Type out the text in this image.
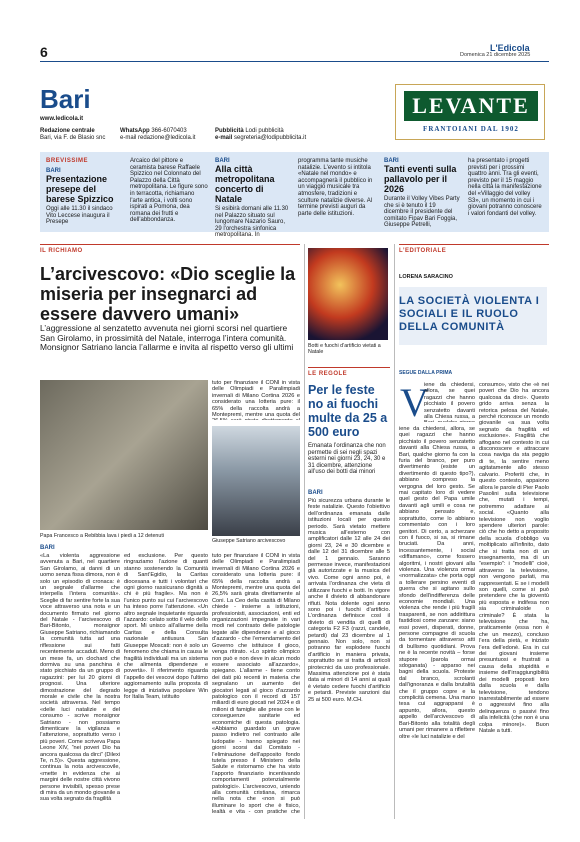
6	L'Edicola
Domenica 21 dicembre 2025
Bari
www.ledicola.it
Redazione centrale
Bari, via F. de Blasio snc
WhatsApp 366-6070403
e-mail redazione@ledicola.it
Pubblicità Lodi pubblicità
e-mail segreteria@lodipubblicita.it
LEVANTE
FRANTOIANI DAL 1902
BREVISSIME
BARI
Presentazione presepe del barese Spizzico
Oggi alle 11.30 il sindaco Vito Leccese inaugura il Presepe
Arcaico del pittore e ceramista barese Raffaele Spizzico nel Colonnato del Palazzo della Città metropolitana. Le figure sono in terracotta, richiamano l'arte antica, i volti sono ispirati a Pomona, dea romana dei frutti e dell'abbondanza.
BARI
Alla città metropolitana concerto di Natale
Si esibirà domani alle 11.30 nel Palazzo situato sul lungomare Nazario Sauro, 29 l'orchestra sinfonica metropolitana. In
programma tante musiche natalizie. L'evento si intitola «Natale nel mondo» e accompagnerà il pubblico in un viaggio musicale tra atmosfere, tradizioni e sculture natalizie diverse. Al termine previsti auguri da parte delle istituzioni.
BARI
Tanti eventi sulla pallavolo per il 2026
Durante il Volley Vibes Party che si è tenuto il 19 dicembre il presidente del comitato Fipav Bari Foggia, Giuseppe Petrelli,
ha presentato i progetti previsti per i prossimi quattro anni. Tra gli eventi, previsto per il 15 maggio nella città la manifestazione del «Villaggio del volley S3», un momento in cui i giovani potranno conoscere i valori fondanti del volley.
IL RICHIAMO
L’arcivescovo: «Dio sceglie la miseria per insegnarci ad essere davvero umani»
L’aggressione al senzatetto avvenuta nei giorni scorsi nel quartiere San Girolamo, in prossimità del Natale, interroga l’intera comunità. Monsignor Satriano lancia l’allarme e invita al rispetto verso gli ultimi
Papa Francesco a Rebibbia lava i piedi a 12 detenuti
Giuseppe Satriano arcivescovo
BARI
«La violenta aggressione avvenuta a Bari, nel quartiere San Girolamo, ai danni di un uomo senza fissa dimora, non è solo un episodio di cronaca: è un segnale d’allarme che interpella l’intera comunità». Sceglie di far sentire forte la sua voce attraverso una nota e un documento firmato nel giorno del Natale - l’arcivescovo di Bari-Bitonto, monsignor Giuseppe Satriano, richiamando la comunità tutta ad una riflessione sui fatti recentemente accaduti. Meno di un mese fa, un clochard che dormiva su una panchina è stato picchiato da un gruppo di ragazzini: per lui 20 giorni di prognosi. Una ulteriore dimostrazione del degrado morale e civile che la nostra società attraversa. Nel tempo «delle luci natalizie e del consumo - scrive monsignor Satriano - non possiamo dimenticare la vigilanza e l’attenzione, soprattutto verso i più poveri. Come scriveva Papa Leone XIV, “nei poveri Dio ha ancora qualcosa da dirci” (Dilexi Te, n.5)». Questa aggressione, continua la nota arcivescovile, «mette in evidenza che ai margini delle nostre città vivono persone invisibili, spesso prese di mira da un mondo giovanile a sua volta segnato da fragilità
ed esclusione. Per questo ringraziamo l’azione di quanti stanno sostenendo la Comunità di Sant’Egidio, la Caritas diocesana e tutti i volontari che ogni giorno rassicurano dignità a chi è più fragile». Ma non è l’unico punto sui cui l’arcivescovo ha inteso porre l’attenzione. «Un altro segnale inquietante riguarda l’azzardo: celato sotto il velo dello sport. Mi unisco all’allarme della Caritas e della Consulta nazionale antiusura San Giuseppe Moscati: non è solo un fenomeno che chiama in causa le fragilità individuali ma un sistema che alimenta dipendenze e povertà». Il riferimento riguarda l’appello dei vescovi dopo l’ultimo aggiornamento sulla proposta di legge di iniziativa popolare Win for Italia Team, istituito
tuto per finanziare il CONI in vista delle Olimpiadi e Paralimpiadi invernali di Milano Cortina 2026 e considerato una lotteria pure: il 65% della raccolta andrà a Montepremi, mentre una quota del
tuto per finanziare il CONI in vista delle Olimpiadi e Paralimpiadi invernali di Milano Cortina 2026 e considerato una lotteria pure: il 65% della raccolta andrà a Montepremi, mentre una quota del 26,5% sarà girata direttamente al Coni. La Ceo della casità di Milano chiede - insieme a istituzioni, professionisti, associazioni, enti ed organizzazioni impegnate in vari modi nel contrasto delle patologie legate alle dipendenze e al gioco d’azzardo - che l’emendamento del Governo che istituisce il gioco, venga ritirato. «Lo spirito olimpico non può e non deve in alcun modo essere associato all’azzardo», spiegano. L’allarme - tiene conto dei dati più recenti in materia che segnalano un aumento dei giocatori legati al gioco d’azzardo patologico con il record di 157 miliardi di euro giocati nel 2024 e di milioni di famiglie alle prese con le conseguenze sanitarie ed economiche di questa patologia. «Abbiamo guardato un grave passo indietro nel contrasto alle ludopatie - hanno spiegato nei giorni scorsi dal Comitato - l’eliminazione dell’apposito fondo tutela presso il Ministero della Salute e ristornamo che ha visto l’apporto finanziario incentivando comportamenti potenzialmente patologici». L’arcivescovo, uniendo alla comunità cristiana, rimarca nella nota che «non si può illuminare lo sport che è fisico, lealtà e vita - con pratiche che
Botti e fuochi d’artificio vietati a Natale
LE REGOLE
Per le feste no ai fuochi multe da 25 a 500 euro
Emanata l’ordinanza che non permette di sei negli spazi esterni nei giorni 23, 24, 30 e 31 dicembre, attenzione all’uso dei botti dai minori
BARI
Più sicurezza urbana durante le feste natalizie. Questo l’obiettivo dell’ordinanza emanata dalle istituzioni locali per questo periodo. Sarà vietato mettere musica all’esterno con amplificatori dalle 12 alle 24 dei giorni 23, 24 e 30 dicembre e dalle 12 del 31 dicembre alle 5 del 1 gennaio. Saranno permesse invece, manifestazioni già autorizzate e la musica del vivo. Come ogni anno poi, è arrivata l’ordinanza che vieta di utilizzare fuochi e botti. In vigore anche il divieto di abbandonare rifiuti. Nota dolente ogni anno sono poi i fuochi d’artificio. L’ordinanza definisce così il divieto di vendita di quelli di categoria F2 F3 (razzi, candele, petardi) dal 23 dicembre al 1 gennaio. Non solo, non si potranno far esplodere fuochi d’artificio in maniera privata, soprattutto se si tratta di articoli pirotecnici da uso professionale. Massima attenzione poi è stata data ai minori di 14 anni ai quali è vietato cedere fuochi d’artificio e petardi. Previste sanzioni dai 25 ai 500 euro. M.CH.
L’EDITORIALE
LORENA SARACINO
LA SOCIETÀ VIOLENTA I SOCIALI E IL RUOLO DELLA COMUNITÀ
SEGUE DALLA PRIMA
V
iene da chiedersi, allora, se quei ragazzi che hanno picchiato il povero senzatetto davanti alla Chiesa russa, a
iene da chiedersi, allora, se quei ragazzi che hanno picchiato il povero senzatetto davanti alla Chiesa russa, a Bari, qualche giorno fa con la furia del branco, per puro divertimento (esiste un divertimento di questo tipo?), abbiano compreso la vergogna del loro gesto. Se mai capitato loro di vedere quel gesto del Papa umile davanti agli umili e cosa ne abbiano pensato e, soprattutto, come lo abbiano commentato con i loro genitori. Di certo, a scherzare con il fuoco, si sa, si rimane bruciati. Da anni, incessantemente, i social «diffamano», come fossero algoritmi, i nostri giovani alla violenza. Una violenza ormai «normalizzata» che porta oggi a tollerare persino eventi di guerra che si agitano sullo sfondo dell’indifferenza delle economie mondiali. Una violenza che rende i più fragili trasparenti, se non addirittura fastidiosi come zanzare: siano essi poveri, disperati, donne, persone compagne di scuola da tormentare attraverso atti di bullismo quotidiani. Prova ne è la recente novità – forse stupore (parola ormai sdoganata) - apparso nei bagni della scuola. Proteste dal branco, scrolanti dall’ignoranza e dalla brutalità che il gruppo copre e la complicità cemena. Una mano tesa cui aggrapparsi è appunto, allora, questo appello dell’arcivescovo di Bari-Bitonto alla totalità degli umani per rimanere a riflettere oltre «le luci natalizie e del
consumo», visto che «è nei poveri che Dio ha ancora qualcosa da dirci». Questo grido arriva senza la retorica pelosa del Natale, perché riconosce un mondo giovanile «a sua volta segnato da fragilità ed esclusione». Fragilità che affogano nel contesto in cui disconoscere e attraccare cosa naviga da sta peggio di te, la sentire meno agitatamente allo stesso calvario. Proferiti che, in questo contesto, appaiono allora le parole di Pier Paolo Pasolini sulla televisione che, mutati i tempi, potremmo adattare ai social. «Quanto alla televisione non voglio spendere ulteriori parole: ciò che ho detto a proposito della scuola d’obbligo va moltiplicato all’infinito, dato che si tratta non di un insegnamento, ma di un “esempio”: i “modelli” cioè, attraverso la televisione, non vengono parlati, ma rappresentati. E se i modelli son quelli, come si può pretendere che la gioventù più esposta e indifesa non sia criminaloide o criminale? È stata la televisione che ha, praticamente (essa non è che un mezzo), concluso l’era della pietà, e iniziato l’era dell’edonè. Era in cui dei giovani insieme presuntuosi e frustrati a causa della stupidità e insieme dell’irraggiungibilità dei modelli proposti loro dalla scuola e dalla televisione, tendono inarrestabilmente ad essere o aggressivi fino alla delinquenza o passivi fino alla infelicità (che non è una colpa minore)». Buon Natale a tutti.
